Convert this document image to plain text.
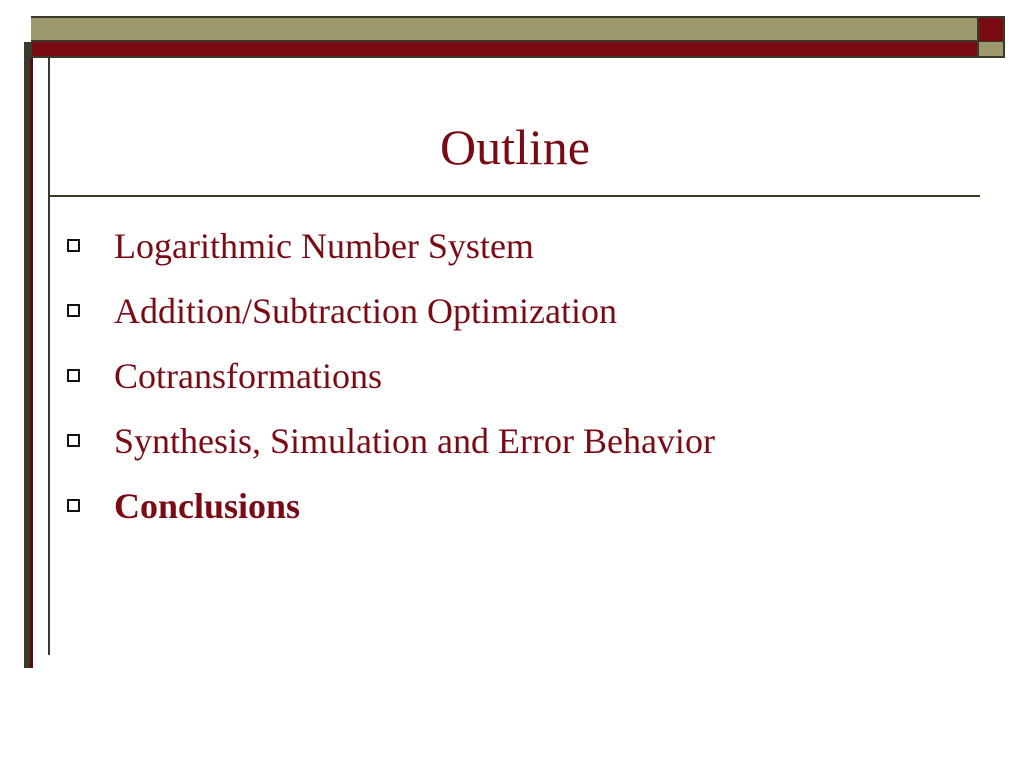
Outline
Logarithmic Number System
Addition/Subtraction Optimization
Cotransformations
Synthesis, Simulation and Error Behavior
Conclusions
